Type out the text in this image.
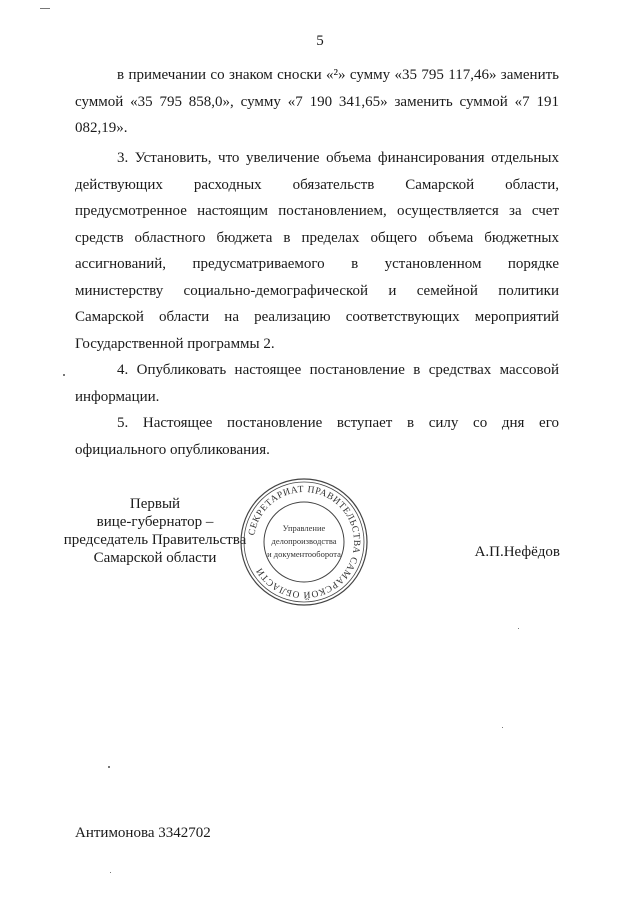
5
в примечании со знаком сноски «²» сумму «35 795 117,46» заменить суммой «35 795 858,0», сумму «7 190 341,65» заменить суммой «7 191 082,19».
3. Установить, что увеличение объема финансирования отдельных действующих расходных обязательств Самарской области, предусмотренное настоящим постановлением, осуществляется за счет средств областного бюджета в пределах общего объема бюджетных ассигнований, предусматриваемого в установленном порядке министерству социально-демографической и семейной политики Самарской области на реализацию соответствующих мероприятий Государственной программы 2.
4. Опубликовать настоящее постановление в средствах массовой информации.
5. Настоящее постановление вступает в силу со дня его официального опубликования.
Первый
вице-губернатор –
председатель Правительства
Самарской области
СЕКРЕТАРИАТ ПРАВИТЕЛЬСТВА САМАРСКОЙ ОБЛАСТИ
Управление
делопроизводства
и документооборота	А.П.Нефёдов
Антимонова 3342702
